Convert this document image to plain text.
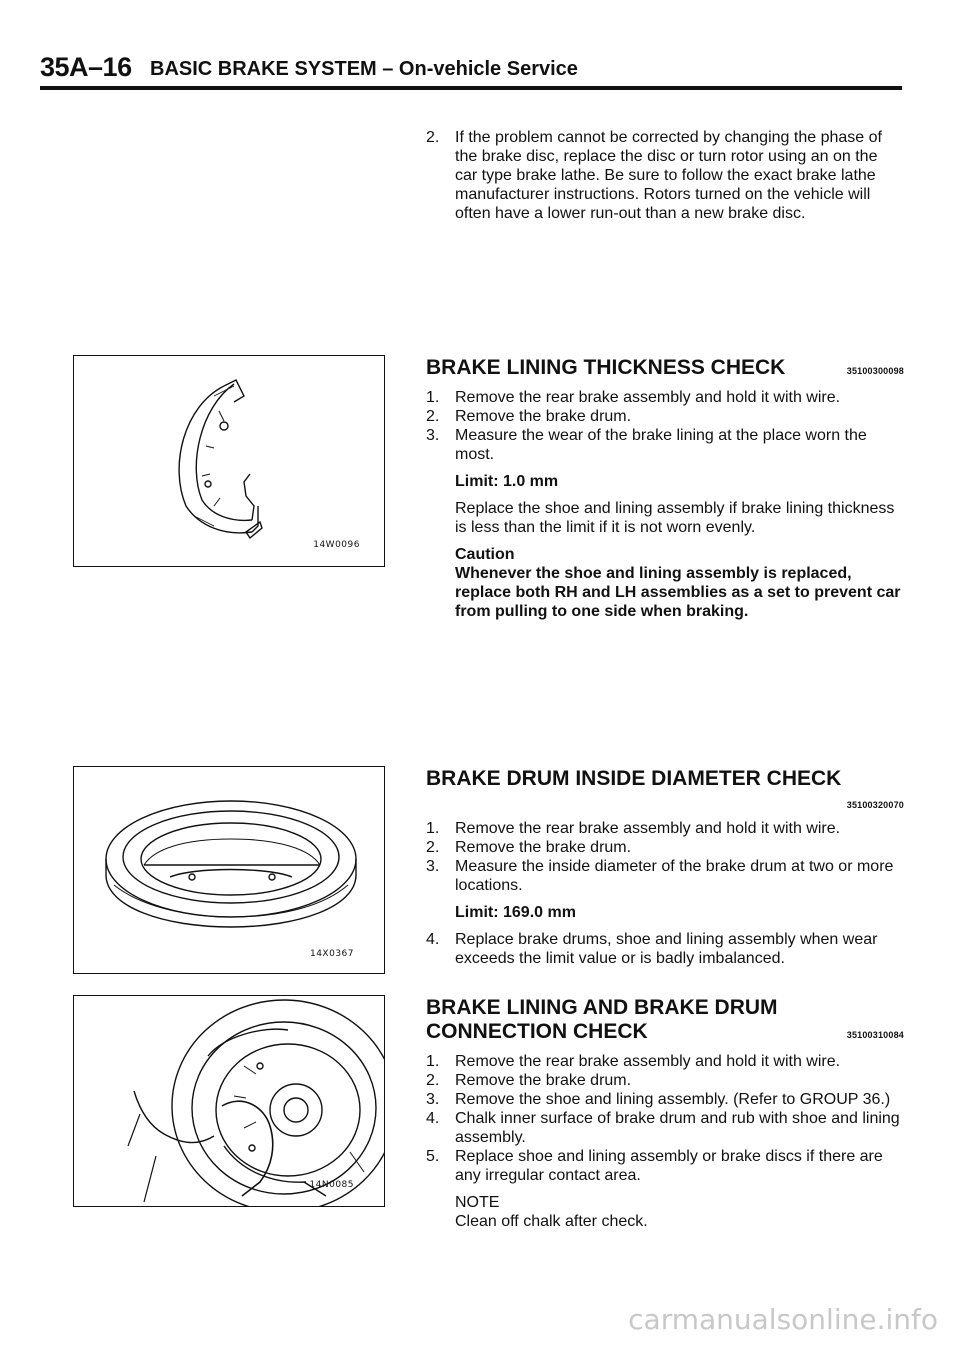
35A–16 BASIC BRAKE SYSTEM – On-vehicle Service
2. If the problem cannot be corrected by changing the phase of the brake disc, replace the disc or turn rotor using an on the car type brake lathe. Be sure to follow the exact brake lathe manufacturer instructions. Rotors turned on the vehicle will often have a lower run-out than a new brake disc.
14W0096
BRAKE LINING THICKNESS CHECK	35100300098
1. Remove the rear brake assembly and hold it with wire.
2. Remove the brake drum.
3. Measure the wear of the brake lining at the place worn the most.
Limit: 1.0 mm
Replace the shoe and lining assembly if brake lining thickness is less than the limit if it is not worn evenly.
Caution
Whenever the shoe and lining assembly is replaced, replace both RH and LH assemblies as a set to prevent car from pulling to one side when braking.
14X0367
BRAKE DRUM INSIDE DIAMETER CHECK
35100320070
1. Remove the rear brake assembly and hold it with wire.
2. Remove the brake drum.
3. Measure the inside diameter of the brake drum at two or more locations.
Limit: 169.0 mm
4. Replace brake drums, shoe and lining assembly when wear exceeds the limit value or is badly imbalanced.
14N0085
BRAKE LINING AND BRAKE DRUM
CONNECTION CHECK	35100310084
1. Remove the rear brake assembly and hold it with wire.
2. Remove the brake drum.
3. Remove the shoe and lining assembly. (Refer to GROUP 36.)
4. Chalk inner surface of brake drum and rub with shoe and lining assembly.
5. Replace shoe and lining assembly or brake discs if there are any irregular contact area.
NOTE
Clean off chalk after check.
carmanualsonline.info
